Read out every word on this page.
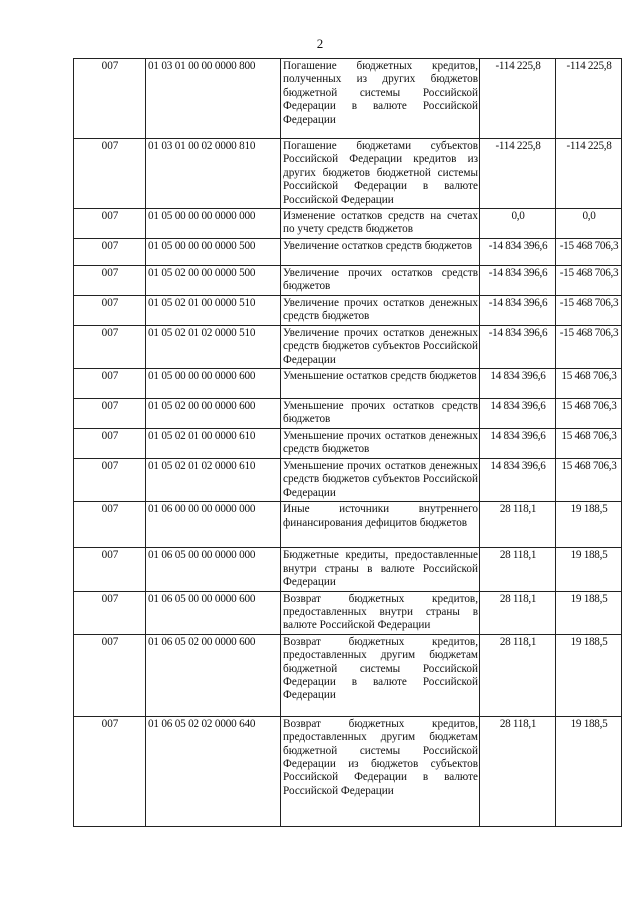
2
007	01 03 01 00 00 0000 800	Погашение бюджетных кредитов, полученных из других бюджетов бюджетной системы Российской Федерации в валюте Российской Федерации	-114 225,8	-114 225,8
007	01 03 01 00 02 0000 810	Погашение бюджетами субъектов Российской Федерации кредитов из других бюджетов бюджетной системы Российской Федерации в валюте Российской Федерации	-114 225,8	-114 225,8
007	01 05 00 00 00 0000 000	Изменение остатков средств на счетах по учету средств бюджетов	0,0	0,0
007	01 05 00 00 00 0000 500	Увеличение остатков средств бюджетов	-14 834 396,6	-15 468 706,3
007	01 05 02 00 00 0000 500	Увеличение прочих остатков средств бюджетов	-14 834 396,6	-15 468 706,3
007	01 05 02 01 00 0000 510	Увеличение прочих остатков денежных средств бюджетов	-14 834 396,6	-15 468 706,3
007	01 05 02 01 02 0000 510	Увеличение прочих остатков денежных средств бюджетов субъектов Российской Федерации	-14 834 396,6	-15 468 706,3
007	01 05 00 00 00 0000 600	Уменьшение остатков средств бюджетов	14 834 396,6	15 468 706,3
007	01 05 02 00 00 0000 600	Уменьшение прочих остатков средств бюджетов	14 834 396,6	15 468 706,3
007	01 05 02 01 00 0000 610	Уменьшение прочих остатков денежных средств бюджетов	14 834 396,6	15 468 706,3
007	01 05 02 01 02 0000 610	Уменьшение прочих остатков денежных средств бюджетов субъектов Российской Федерации	14 834 396,6	15 468 706,3
007	01 06 00 00 00 0000 000	Иные источники внутреннего финансирования дефицитов бюджетов	28 118,1	19 188,5
007	01 06 05 00 00 0000 000	Бюджетные кредиты, предоставленные внутри страны в валюте Российской Федерации	28 118,1	19 188,5
007	01 06 05 00 00 0000 600	Возврат бюджетных кредитов, предоставленных внутри страны в валюте Российской Федерации	28 118,1	19 188,5
007	01 06 05 02 00 0000 600	Возврат бюджетных кредитов, предоставленных другим бюджетам бюджетной системы Российской Федерации в валюте Российской Федерации	28 118,1	19 188,5
007	01 06 05 02 02 0000 640	Возврат бюджетных кредитов, предоставленных другим бюджетам бюджетной системы Российской Федерации из бюджетов субъектов Российской Федерации в валюте Российской Федерации	28 118,1	19 188,5
